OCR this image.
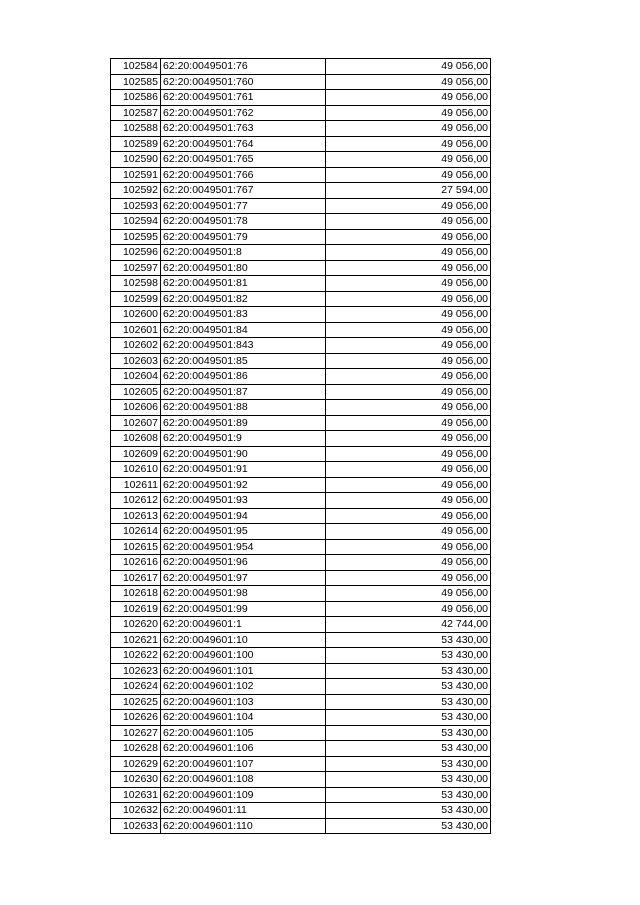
102584	62:20:0049501:76	49 056,00
102585	62:20:0049501:760	49 056,00
102586	62:20:0049501:761	49 056,00
102587	62:20:0049501:762	49 056,00
102588	62:20:0049501:763	49 056,00
102589	62:20:0049501:764	49 056,00
102590	62:20:0049501:765	49 056,00
102591	62:20:0049501:766	49 056,00
102592	62:20:0049501:767	27 594,00
102593	62:20:0049501:77	49 056,00
102594	62:20:0049501:78	49 056,00
102595	62:20:0049501:79	49 056,00
102596	62:20:0049501:8	49 056,00
102597	62:20:0049501:80	49 056,00
102598	62:20:0049501:81	49 056,00
102599	62:20:0049501:82	49 056,00
102600	62:20:0049501:83	49 056,00
102601	62:20:0049501:84	49 056,00
102602	62:20:0049501:843	49 056,00
102603	62:20:0049501:85	49 056,00
102604	62:20:0049501:86	49 056,00
102605	62:20:0049501:87	49 056,00
102606	62:20:0049501:88	49 056,00
102607	62:20:0049501:89	49 056,00
102608	62:20:0049501:9	49 056,00
102609	62:20:0049501:90	49 056,00
102610	62:20:0049501:91	49 056,00
102611	62:20:0049501:92	49 056,00
102612	62:20:0049501:93	49 056,00
102613	62:20:0049501:94	49 056,00
102614	62:20:0049501:95	49 056,00
102615	62:20:0049501:954	49 056,00
102616	62:20:0049501:96	49 056,00
102617	62:20:0049501:97	49 056,00
102618	62:20:0049501:98	49 056,00
102619	62:20:0049501:99	49 056,00
102620	62:20:0049601:1	42 744,00
102621	62:20:0049601:10	53 430,00
102622	62:20:0049601:100	53 430,00
102623	62:20:0049601:101	53 430,00
102624	62:20:0049601:102	53 430,00
102625	62:20:0049601:103	53 430,00
102626	62:20:0049601:104	53 430,00
102627	62:20:0049601:105	53 430,00
102628	62:20:0049601:106	53 430,00
102629	62:20:0049601:107	53 430,00
102630	62:20:0049601:108	53 430,00
102631	62:20:0049601:109	53 430,00
102632	62:20:0049601:11	53 430,00
102633	62:20:0049601:110	53 430,00
